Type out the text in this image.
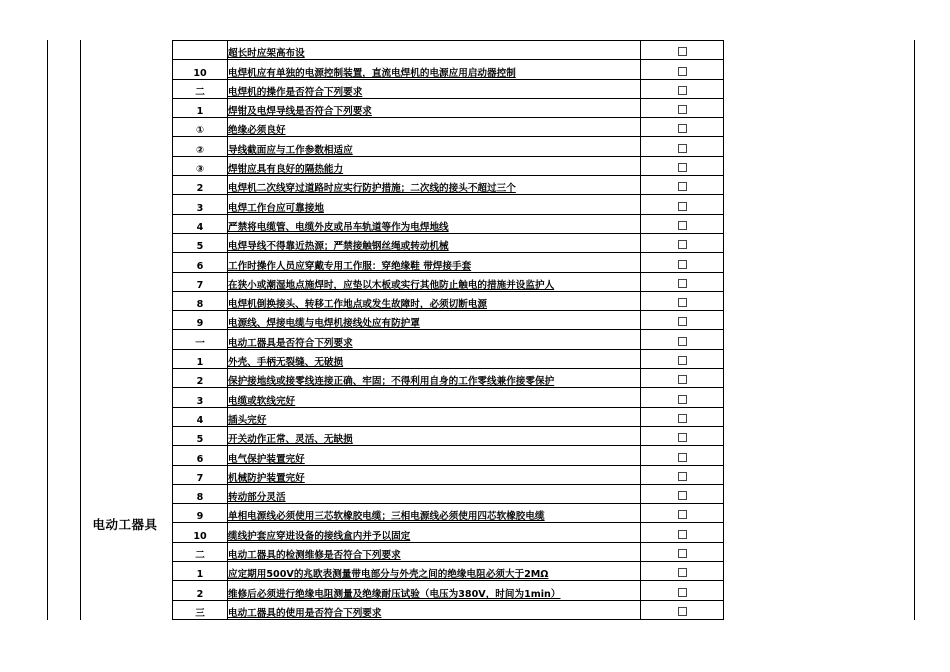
电动工器具
	超长时应架高布设	
10	电焊机应有单独的电源控制装置，直流电焊机的电源应用启动器控制	
二	电焊机的操作是否符合下列要求	
1	焊钳及电焊导线是否符合下列要求	
①	绝缘必须良好	
②	导线截面应与工作参数相适应	
③	焊钳应具有良好的隔热能力	
2	电焊机二次线穿过道路时应实行防护措施；二次线的接头不超过三个	
3	电焊工作台应可靠接地	
4	严禁将电缆管、电缆外皮或吊车轨道等作为电焊地线	
5	电焊导线不得靠近热源；严禁接触钢丝绳或转动机械	
6	工作时操作人员应穿戴专用工作服：穿绝缘鞋 带焊接手套	
7	在狭小或潮湿地点施焊时，应垫以木板或实行其他防止触电的措施并设监护人	
8	电焊机倒换接头、转移工作地点或发生故障时，必须切断电源	
9	电源线、焊接电缆与电焊机接线处应有防护罩	
一	电动工器具是否符合下列要求	
1	外壳、手柄无裂缝、无破损	
2	保护接地线或接零线连接正确、牢固；不得利用自身的工作零线兼作接零保护	
3	电缆或软线完好	
4	插头完好	
5	开关动作正常、灵活、无缺损	
6	电气保护装置完好	
7	机械防护装置完好	
8	转动部分灵活	
9	单相电源线必须使用三芯软橡胶电缆；三相电源线必须使用四芯软橡胶电缆	
10	缆线护套应穿进设备的接线盒内并予以固定	
二	电动工器具的检测维修是否符合下列要求	
1	应定期用500V的兆欧表测量带电部分与外壳之间的绝缘电阻必须大于2MΩ	
2	维修后必须进行绝缘电阻测量及绝缘耐压试验（电压为380V，时间为1min）	
三	电动工器具的使用是否符合下列要求	
